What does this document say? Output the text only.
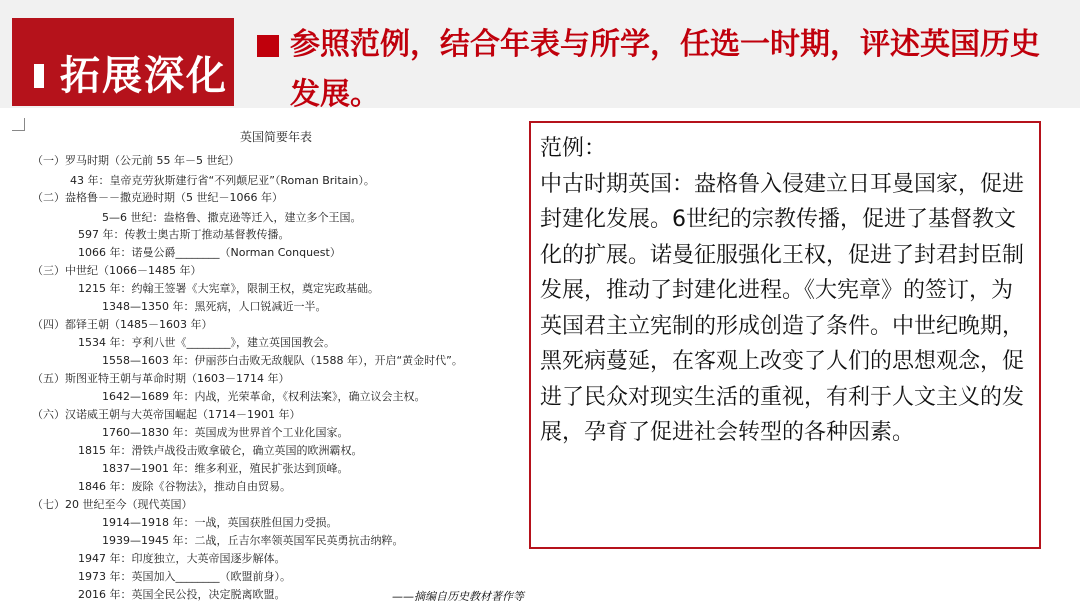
拓展深化
参照范例，结合年表与所学，任选一时期，评述英国历史发展。
英国简要年表
（一）罗马时期（公元前 55 年－5 世纪）
43 年：皇帝克劳狄斯建行省“不列颠尼亚”（Roman Britain）。
（二）盎格鲁－－撒克逊时期（5 世纪－1066 年）
5—6 世纪：盎格鲁、撒克逊等迁入，建立多个王国。
597 年：传教士奥古斯丁推动基督教传播。
1066 年：诺曼公爵________（Norman Conquest）
（三）中世纪（1066－1485 年）
1215 年：约翰王签署《大宪章》，限制王权，奠定宪政基础。
1348—1350 年：黑死病，人口锐减近一半。
（四）都铎王朝（1485－1603 年）
1534 年：亨利八世《________》，建立英国国教会。
1558—1603 年：伊丽莎白击败无敌舰队（1588 年），开启“黄金时代”。
（五）斯图亚特王朝与革命时期（1603－1714 年）
1642—1689 年：内战，光荣革命，《权利法案》，确立议会主权。
（六）汉诺威王朝与大英帝国崛起（1714－1901 年）
1760—1830 年：英国成为世界首个工业化国家。
1815 年：滑铁卢战役击败拿破仑，确立英国的欧洲霸权。
1837—1901 年：维多利亚，殖民扩张达到顶峰。
1846 年：废除《谷物法》，推动自由贸易。
（七）20 世纪至今（现代英国）
1914—1918 年：一战，英国获胜但国力受损。
1939—1945 年：二战，丘吉尔率领英国军民英勇抗击纳粹。
1947 年：印度独立，大英帝国逐步解体。
1973 年：英国加入________（欧盟前身）。
2016 年：英国全民公投，决定脱离欧盟。	——摘编自历史教材著作等
范例：
中古时期英国：盎格鲁入侵建立日耳曼国家，促进封建化发展。6世纪的宗教传播，促进了基督教文化的扩展。诺曼征服强化王权，促进了封君封臣制发展，推动了封建化进程。《大宪章》的签订，为英国君主立宪制的形成创造了条件。中世纪晚期，黑死病蔓延，在客观上改变了人们的思想观念，促进了民众对现实生活的重视，有利于人文主义的发展，孕育了促进社会转型的各种因素。
